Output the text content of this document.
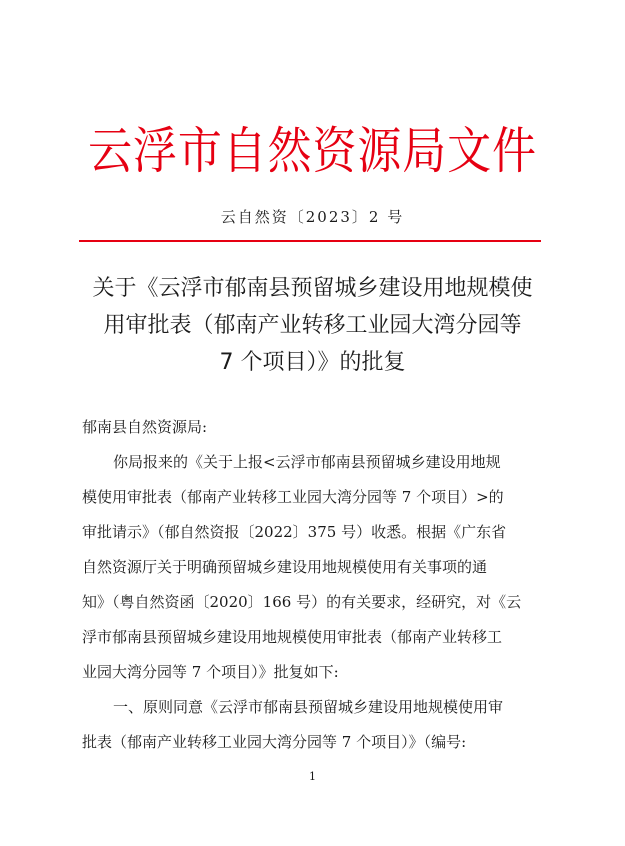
云浮市自然资源局文件
云自然资〔2023〕2 号
关于《云浮市郁南县预留城乡建设用地规模使
用审批表（郁南产业转移工业园大湾分园等
7 个项目）》的批复
郁南县自然资源局:
你局报来的《关于上报<云浮市郁南县预留城乡建设用地规
模使用审批表（郁南产业转移工业园大湾分园等 7 个项目）>的
审批请示》（郁自然资报〔2022〕375 号）收悉。根据《广东省
自然资源厅关于明确预留城乡建设用地规模使用有关事项的通
知》（粤自然资函〔2020〕166 号）的有关要求，经研究，对《云
浮市郁南县预留城乡建设用地规模使用审批表（郁南产业转移工
业园大湾分园等 7 个项目）》批复如下:
一、原则同意《云浮市郁南县预留城乡建设用地规模使用审
批表（郁南产业转移工业园大湾分园等 7 个项目）》（编号:
1
